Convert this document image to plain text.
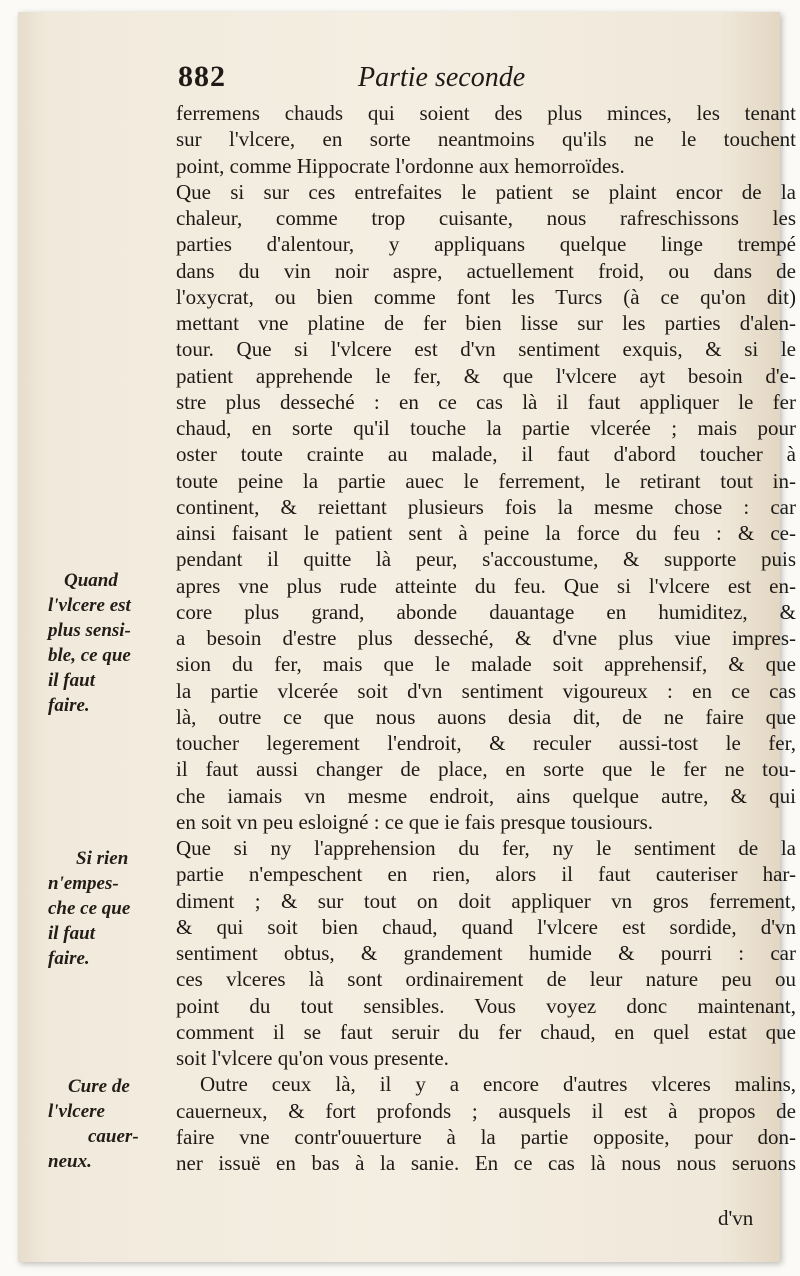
882	Partie seconde
ferremens chauds qui soient des plus minces, les tenant
sur l'vlcere, en sorte neantmoins qu'ils ne le touchent
point, comme Hippocrate l'ordonne aux hemorroïdes.
Que si sur ces entrefaites le patient se plaint encor de la
chaleur, comme trop cuisante, nous rafreschissons les
parties d'alentour, y appliquans quelque linge trempé
dans du vin noir aspre, actuellement froid, ou dans de
l'oxycrat, ou bien comme font les Turcs (à ce qu'on dit)
mettant vne platine de fer bien lisse sur les parties d'alen-
tour. Que si l'vlcere est d'vn sentiment exquis, & si le
patient apprehende le fer, & que l'vlcere ayt besoin d'e-
stre plus desseché : en ce cas là il faut appliquer le fer
chaud, en sorte qu'il touche la partie vlcerée ; mais pour
oster toute crainte au malade, il faut d'abord toucher à
toute peine la partie auec le ferrement, le retirant tout in-
continent, & reiettant plusieurs fois la mesme chose : car
ainsi faisant le patient sent à peine la force du feu : & ce-
pendant il quitte là peur, s'accoustume, & supporte puis
apres vne plus rude atteinte du feu. Que si l'vlcere est en-
core plus grand, abonde dauantage en humiditez, &
a besoin d'estre plus desseché, & d'vne plus viue impres-
sion du fer, mais que le malade soit apprehensif, & que
la partie vlcerée soit d'vn sentiment vigoureux : en ce cas
là, outre ce que nous auons desia dit, de ne faire que
toucher legerement l'endroit, & reculer aussi-tost le fer,
il faut aussi changer de place, en sorte que le fer ne tou-
che iamais vn mesme endroit, ains quelque autre, & qui
en soit vn peu esloigné : ce que ie fais presque tousiours.
Que si ny l'apprehension du fer, ny le sentiment de la
partie n'empeschent en rien, alors il faut cauteriser har-
diment ; & sur tout on doit appliquer vn gros ferrement,
& qui soit bien chaud, quand l'vlcere est sordide, d'vn
sentiment obtus, & grandement humide & pourri : car
ces vlceres là sont ordinairement de leur nature peu ou
point du tout sensibles. Vous voyez donc maintenant,
comment il se faut seruir du fer chaud, en quel estat que
soit l'vlcere qu'on vous presente.
Outre ceux là, il y a encore d'autres vlceres malins,
cauerneux, & fort profonds ; ausquels il est à propos de
faire vne contr'ouuerture à la partie opposite, pour don-
ner issuë en bas à la sanie. En ce cas là nous nous seruons
Quand
l'vlcere est
plus sensi-
ble, ce que
il faut
faire.
Si rien
n'empes-
che ce que
il faut
faire.
Cure de
l'vlcere
cauer-
neux.
d'vn
